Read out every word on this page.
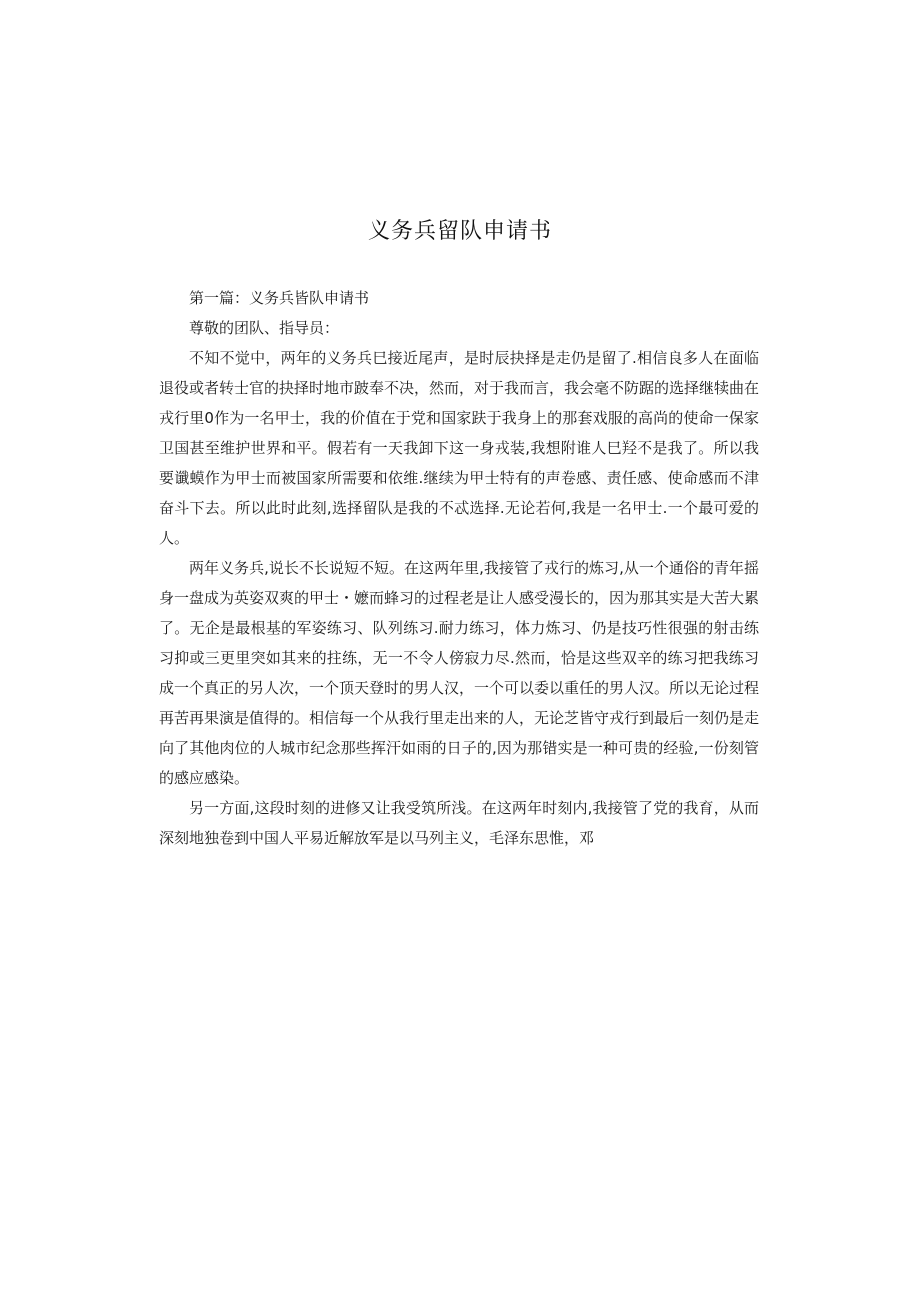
义务兵留队申请书

第一篇：义务兵皆队申请书

尊敬的团队、指导员：

不知不觉中，两年的义务兵巳接近尾声，是时辰抉择是走仍是留了.相信良多人在面临退役或者转士官的抉择时地市跛奉不决，然而，对于我而言，我会毫不防踞的选择继犊曲在戎行里0作为一名甲士，我的价值在于党和国家趺于我身上的那套戏服的高尚的使命一保家卫国甚至维护世界和平。假若有一天我卸下这一身戎装,我想附谁人巳羟不是我了。所以我要谶蟆作为甲士而被国家所需要和依维.继续为甲士特有的声卷感、责任感、使命感而不津奋斗下去。所以此时此刻,选择留队是我的不忒选择.无论若何,我是一名甲士.一个最可爱的人。

两年义务兵,说长不长说短不短。在这两年里,我接管了戎行的炼习,从一个通俗的青年摇身一盘成为英姿双爽的甲士・嬷而蜂习的过程老是让人感受漫长的，因为那其实是大苦大累了。无企是最根基的军姿练习、队列练习.耐力练习，体力炼习、仍是技巧性很强的射击练习抑或三更里突如其来的拄练，无一不令人傍寂力尽.然而，恰是这些双辛的练习把我练习成一个真正的另人次，一个顶天登时的男人汉，一个可以委以重任的男人汉。所以无论过程再苦再果演是值得的。相信每一个从我行里走出来的人，无论芝皆守戎行到最后一刻仍是走向了其他肉位的人城市纪念那些挥汗如雨的日子的,因为那错实是一种可贵的经验,一份刻管的感应感染。

另一方面,这段时刻的进修又让我受筑所浅。在这两年时刻内,我接管了党的我育，从而深刻地独卷到中国人平易近解放军是以马列主义，毛泽东思惟，邓
